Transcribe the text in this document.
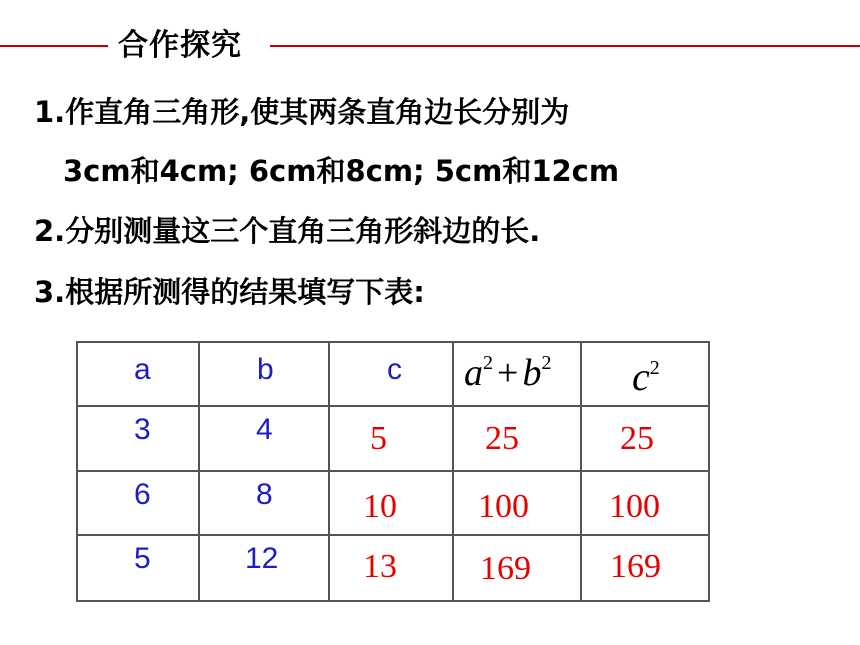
合作探究
1.作直角三角形,使其两条直角边长分别为
3cm和4cm; 6cm和8cm; 5cm和12cm
2.分别测量这三个直角三角形斜边的长.
3.根据所测得的结果填写下表:
a	b	c	$a^2 + b^2$	$c^2$

3	4	5	25	25

6	8	10	100	100

5	12	13	169	169
